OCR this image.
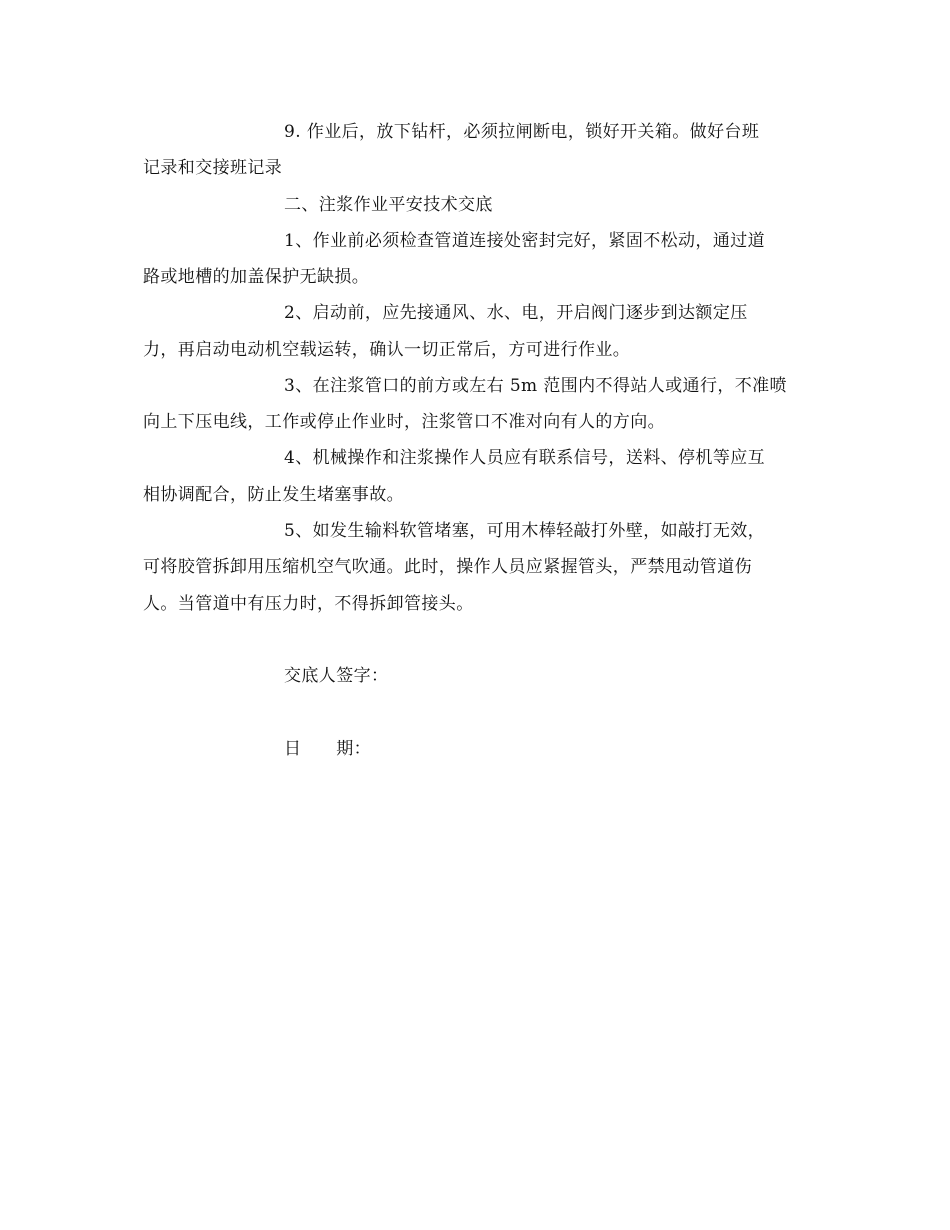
9. 作业后，放下钻杆，必须拉闸断电，锁好开关箱。做好台班
记录和交接班记录
二、注浆作业平安技术交底
1、作业前必须检查管道连接处密封完好，紧固不松动，通过道
路或地槽的加盖保护无缺损。
2、启动前，应先接通风、水、电，开启阀门逐步到达额定压
力，再启动电动机空载运转，确认一切正常后，方可进行作业。
3、在注浆管口的前方或左右 5m 范围内不得站人或通行，不准喷
向上下压电线，工作或停止作业时，注浆管口不准对向有人的方向。
4、机械操作和注浆操作人员应有联系信号，送料、停机等应互
相协调配合，防止发生堵塞事故。
5、如发生输料软管堵塞，可用木棒轻敲打外壁，如敲打无效，
可将胶管拆卸用压缩机空气吹通。此时，操作人员应紧握管头，严禁甩动管道伤
人。当管道中有压力时，不得拆卸管接头。
交底人签字：
日　　期：
